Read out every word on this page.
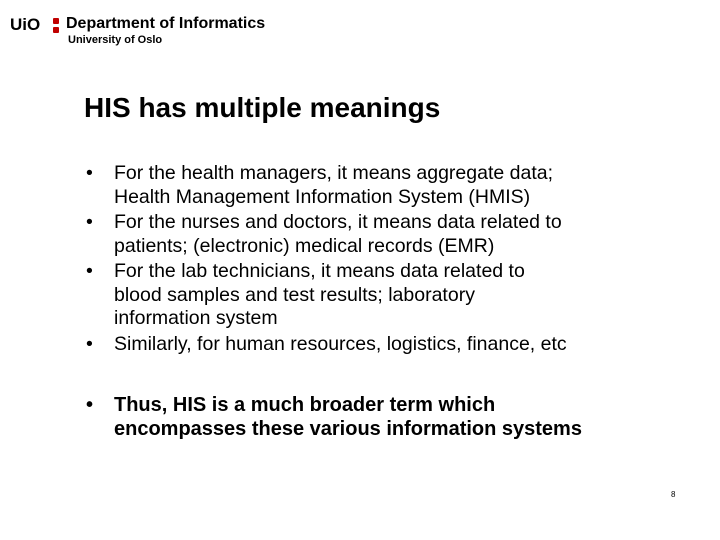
UiO Department of Informatics
University of Oslo
HIS has multiple meanings
• For the health managers, it means aggregate data;
Health Management Information System (HMIS)
• For the nurses and doctors, it means data related to
patients; (electronic) medical records (EMR)
• For the lab technicians, it means data related to
blood samples and test results; laboratory
information system
• Similarly, for human resources, logistics, finance, etc
• Thus, HIS is a much broader term which
encompasses these various information systems
8
